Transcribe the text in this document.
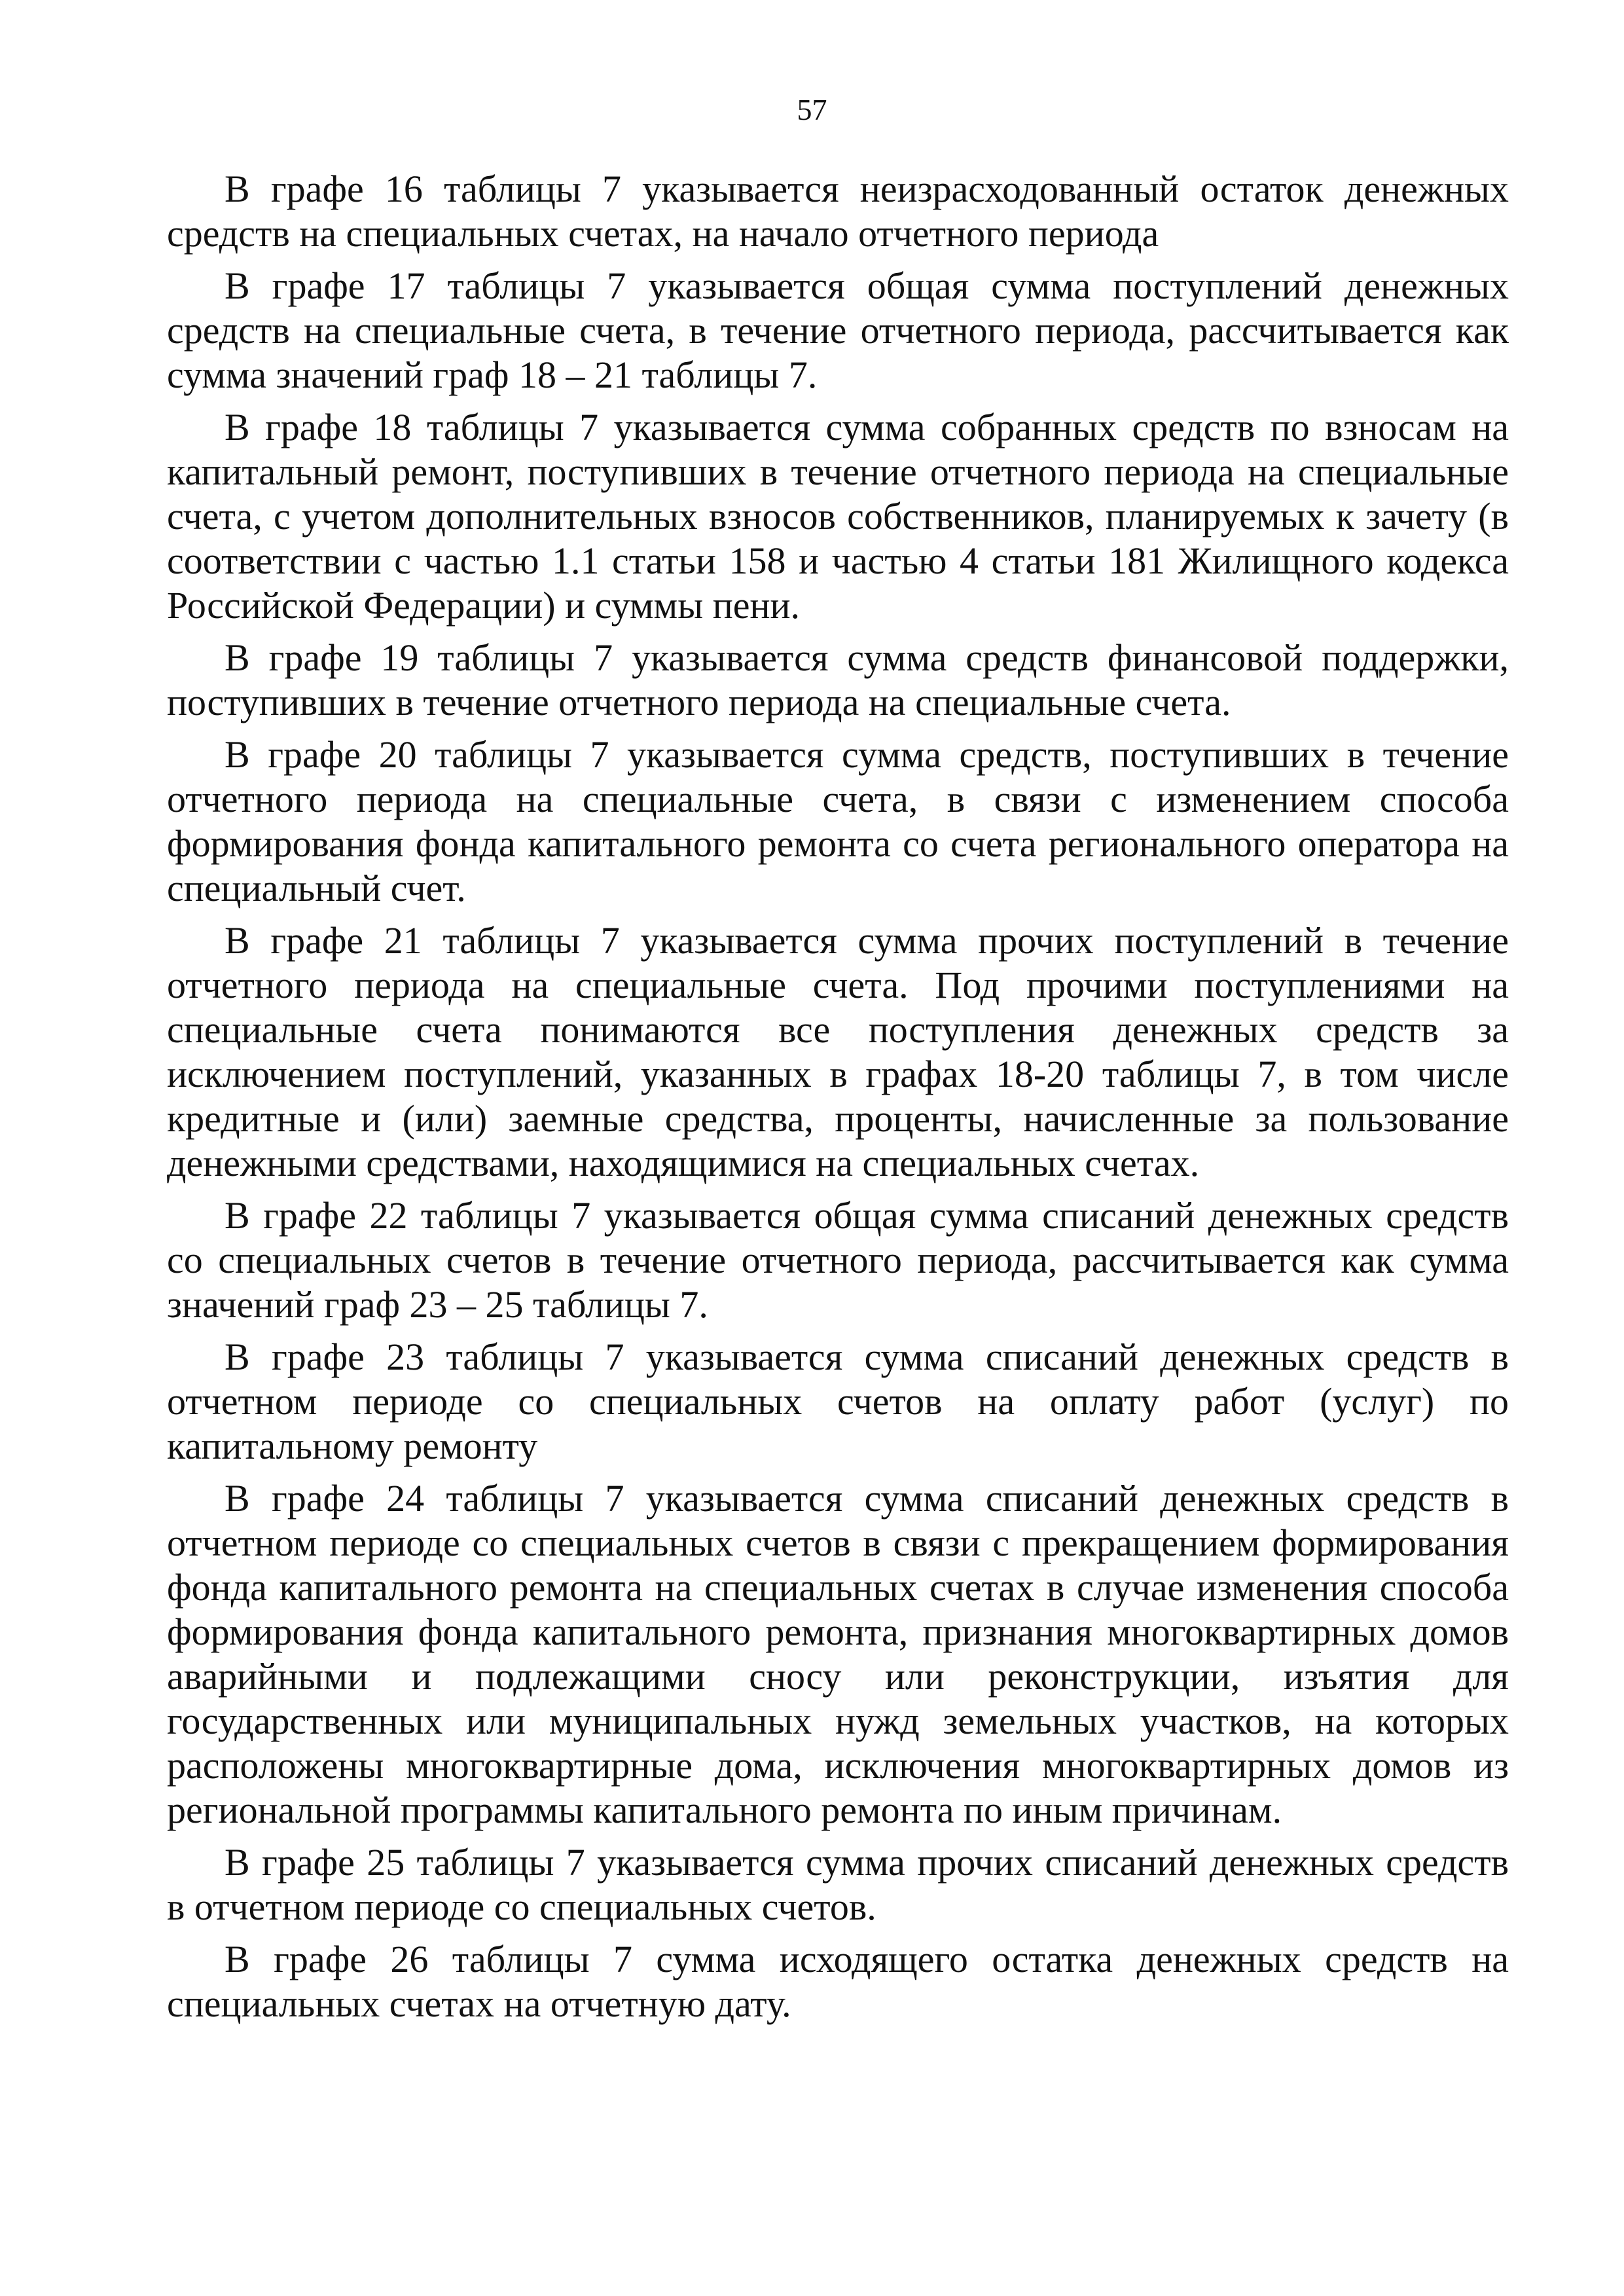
57

В графе 16 таблицы 7 указывается неизрасходованный остаток денежных средств на специальных счетах, на начало отчетного периода

В графе 17 таблицы 7 указывается общая сумма поступлений денежных средств на специальные счета, в течение отчетного периода, рассчитывается как сумма значений граф 18 – 21 таблицы 7.

В графе 18 таблицы 7 указывается сумма собранных средств по взносам на капитальный ремонт, поступивших в течение отчетного периода на специальные счета, с учетом дополнительных взносов собственников, планируемых к зачету (в соответствии с частью 1.1 статьи 158 и частью 4 статьи 181 Жилищного кодекса Российской Федерации) и суммы пени.

В графе 19 таблицы 7 указывается сумма средств финансовой поддержки, поступивших в течение отчетного периода на специальные счета.

В графе 20 таблицы 7 указывается сумма средств, поступивших в течение отчетного периода на специальные счета, в связи с изменением способа формирования фонда капитального ремонта со счета регионального оператора на специальный счет.

В графе 21 таблицы 7 указывается сумма прочих поступлений в течение отчетного периода на специальные счета. Под прочими поступлениями на специальные счета понимаются все поступления денежных средств за исключением поступлений, указанных в графах 18-20 таблицы 7, в том числе кредитные и (или) заемные средства, проценты, начисленные за пользование денежными средствами, находящимися на специальных счетах.

В графе 22 таблицы 7 указывается общая сумма списаний денежных средств со специальных счетов в течение отчетного периода, рассчитывается как сумма значений граф 23 – 25 таблицы 7.

В графе 23 таблицы 7 указывается сумма списаний денежных средств в отчетном периоде со специальных счетов на оплату работ (услуг) по капитальному ремонту

В графе 24 таблицы 7 указывается сумма списаний денежных средств в отчетном периоде со специальных счетов в связи с прекращением формирования фонда капитального ремонта на специальных счетах в случае изменения способа формирования фонда капитального ремонта, признания многоквартирных домов аварийными и подлежащими сносу или реконструкции, изъятия для государственных или муниципальных нужд земельных участков, на которых расположены многоквартирные дома, исключения многоквартирных домов из региональной программы капитального ремонта по иным причинам.

В графе 25 таблицы 7 указывается сумма прочих списаний денежных средств в отчетном периоде со специальных счетов.

В графе 26 таблицы 7 сумма исходящего остатка денежных средств на специальных счетах на отчетную дату.
